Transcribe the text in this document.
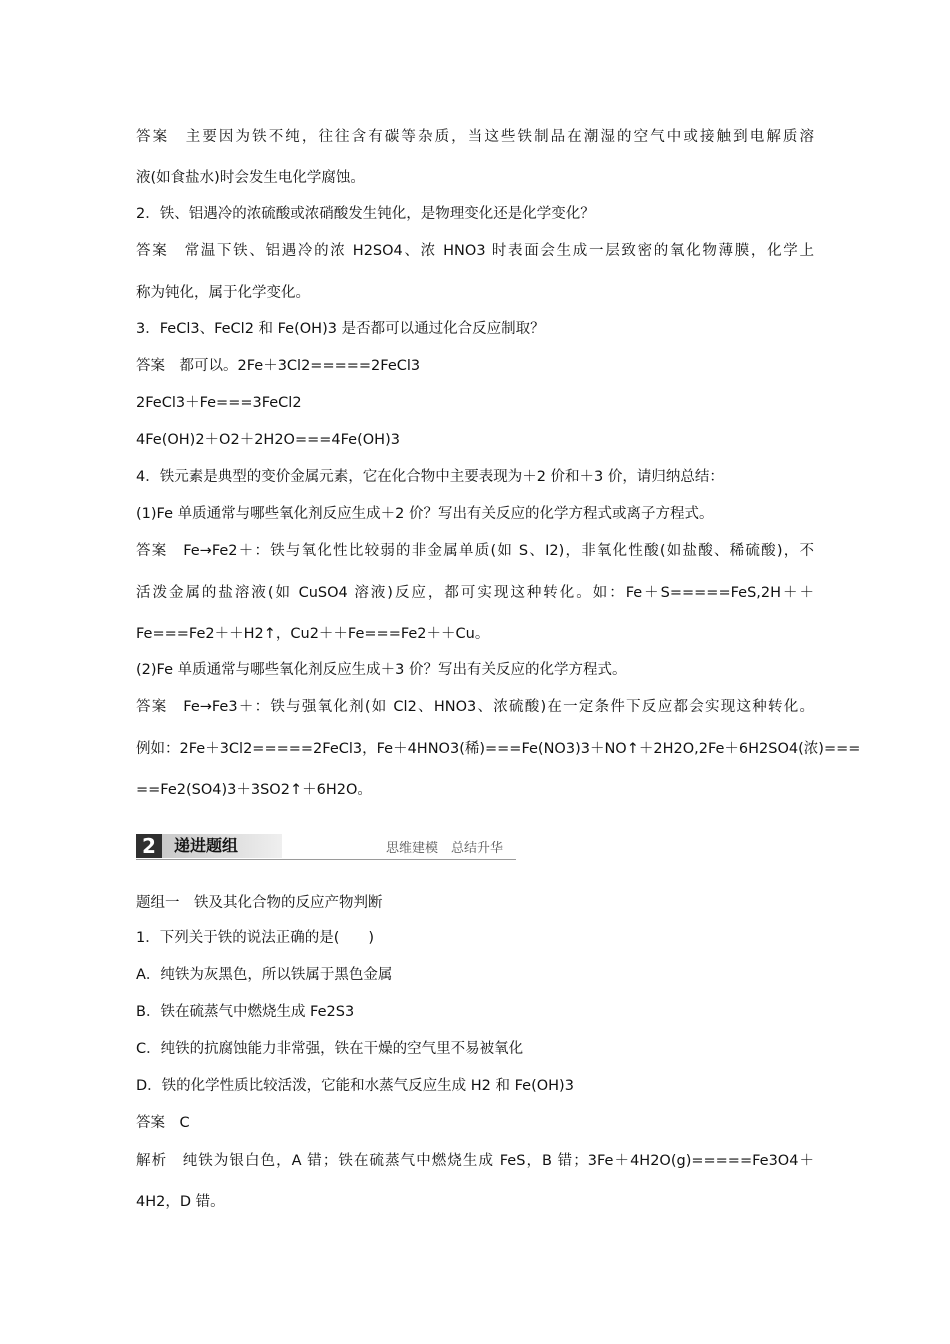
答案　主要因为铁不纯，往往含有碳等杂质，当这些铁制品在潮湿的空气中或接触到电解质溶
液(如食盐水)时会发生电化学腐蚀。
2．铁、铝遇冷的浓硫酸或浓硝酸发生钝化，是物理变化还是化学变化？
答案　常温下铁、铝遇冷的浓 H2SO4、浓 HNO3 时表面会生成一层致密的氧化物薄膜，化学上
称为钝化，属于化学变化。
3．FeCl3、FeCl2 和 Fe(OH)3 是否都可以通过化合反应制取？
答案　都可以。2Fe＋3Cl2=====2FeCl3
2FeCl3＋Fe===3FeCl2
4Fe(OH)2＋O2＋2H2O===4Fe(OH)3
4．铁元素是典型的变价金属元素，它在化合物中主要表现为＋2 价和＋3 价，请归纳总结：
(1)Fe 单质通常与哪些氧化剂反应生成＋2 价？写出有关反应的化学方程式或离子方程式。
答案　Fe→Fe2＋：铁与氧化性比较弱的非金属单质(如 S、I2)，非氧化性酸(如盐酸、稀硫酸)，不
活泼金属的盐溶液(如 CuSO4 溶液)反应，都可实现这种转化。如：Fe＋S=====FeS,2H＋＋
Fe===Fe2＋＋H2↑，Cu2＋＋Fe===Fe2＋＋Cu。
(2)Fe 单质通常与哪些氧化剂反应生成＋3 价？写出有关反应的化学方程式。
答案　Fe→Fe3＋：铁与强氧化剂(如 Cl2、HNO3、浓硫酸)在一定条件下反应都会实现这种转化。
例如：2Fe＋3Cl2=====2FeCl3，Fe＋4HNO3(稀)===Fe(NO3)3＋NO↑＋2H2O,2Fe＋6H2SO4(浓)===
==Fe2(SO4)3＋3SO2↑＋6H2O。
2	递进题组	思维建模　总结升华
题组一　铁及其化合物的反应产物判断
1．下列关于铁的说法正确的是(　　)
A．纯铁为灰黑色，所以铁属于黑色金属
B．铁在硫蒸气中燃烧生成 Fe2S3
C．纯铁的抗腐蚀能力非常强，铁在干燥的空气里不易被氧化
D．铁的化学性质比较活泼，它能和水蒸气反应生成 H2 和 Fe(OH)3
答案　C
解析　纯铁为银白色，A 错；铁在硫蒸气中燃烧生成 FeS，B 错；3Fe＋4H2O(g)=====Fe3O4＋
4H2，D 错。
